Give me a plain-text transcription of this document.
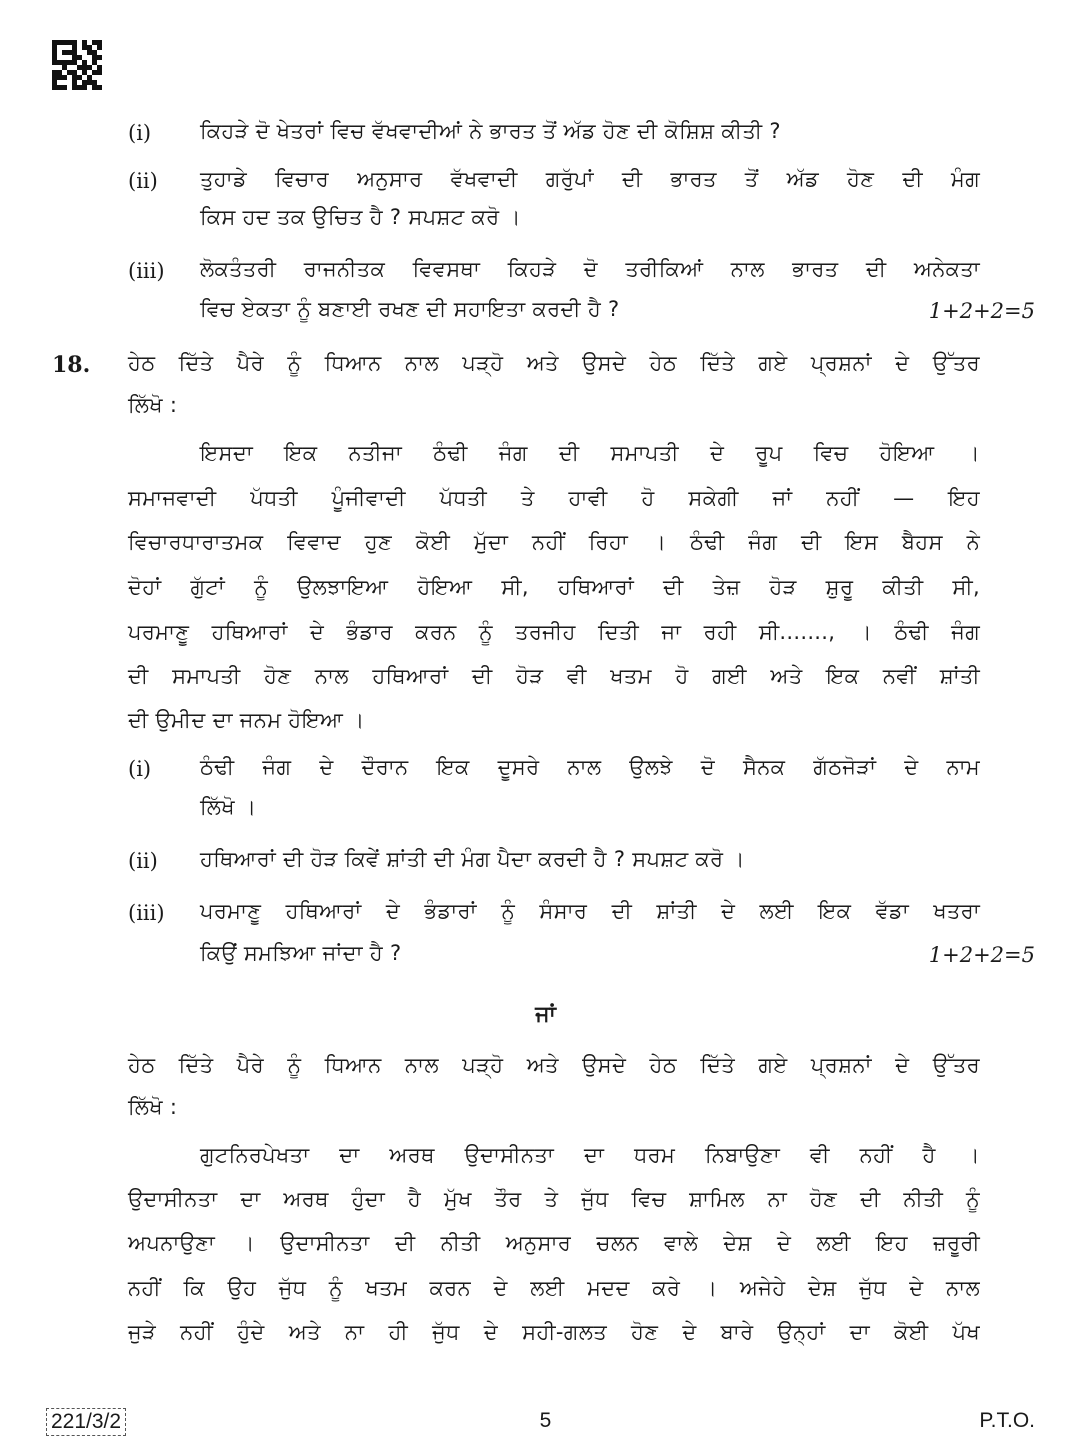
(i) ਕਿਹੜੇ ਦੋ ਖੇਤਰਾਂ ਵਿਚ ਵੱਖਵਾਦੀਆਂ ਨੇ ਭਾਰਤ ਤੋਂ ਅੱਡ ਹੋਣ ਦੀ ਕੋਸ਼ਿਸ਼ ਕੀਤੀ ?
(ii) ਤੁਹਾਡੇ ਵਿਚਾਰ ਅਨੁਸਾਰ ਵੱਖਵਾਦੀ ਗਰੁੱਪਾਂ ਦੀ ਭਾਰਤ ਤੋਂ ਅੱਡ ਹੋਣ ਦੀ ਮੰਗ
ਕਿਸ ਹਦ ਤਕ ਉਚਿਤ ਹੈ ? ਸਪਸ਼ਟ ਕਰੋ ।
(iii) ਲੋਕਤੰਤਰੀ ਰਾਜਨੀਤਕ ਵਿਵਸਥਾ ਕਿਹੜੇ ਦੋ ਤਰੀਕਿਆਂ ਨਾਲ ਭਾਰਤ ਦੀ ਅਨੇਕਤਾ
ਵਿਚ ਏਕਤਾ ਨੂੰ ਬਣਾਈ ਰਖਣ ਦੀ ਸਹਾਇਤਾ ਕਰਦੀ ਹੈ ?	1+2+2=5
18. ਹੇਠ ਦਿੱਤੇ ਪੈਰੇ ਨੂੰ ਧਿਆਨ ਨਾਲ ਪੜ੍ਹੋ ਅਤੇ ਉਸਦੇ ਹੇਠ ਦਿੱਤੇ ਗਏ ਪ੍ਰਸ਼ਨਾਂ ਦੇ ਉੱਤਰ
ਲਿੱਖੋ :
ਇਸਦਾ ਇਕ ਨਤੀਜਾ ਠੰਢੀ ਜੰਗ ਦੀ ਸਮਾਪਤੀ ਦੇ ਰੂਪ ਵਿਚ ਹੋਇਆ ।
ਸਮਾਜਵਾਦੀ ਪੱਧਤੀ ਪੂੰਜੀਵਾਦੀ ਪੱਧਤੀ ਤੇ ਹਾਵੀ ਹੋ ਸਕੇਗੀ ਜਾਂ ਨਹੀਂ — ਇਹ
ਵਿਚਾਰਧਾਰਾਤਮਕ ਵਿਵਾਦ ਹੁਣ ਕੋਈ ਮੁੱਦਾ ਨਹੀਂ ਰਿਹਾ । ਠੰਢੀ ਜੰਗ ਦੀ ਇਸ ਬੈਹਸ ਨੇ
ਦੋਹਾਂ ਗੁੱਟਾਂ ਨੂੰ ਉਲਝਾਇਆ ਹੋਇਆ ਸੀ, ਹਥਿਆਰਾਂ ਦੀ ਤੇਜ਼ ਹੋੜ ਸ਼ੁਰੂ ਕੀਤੀ ਸੀ,
ਪਰਮਾਣੂ ਹਥਿਆਰਾਂ ਦੇ ਭੰਡਾਰ ਕਰਨ ਨੂੰ ਤਰਜੀਹ ਦਿਤੀ ਜਾ ਰਹੀ ਸੀ......., । ਠੰਢੀ ਜੰਗ
ਦੀ ਸਮਾਪਤੀ ਹੋਣ ਨਾਲ ਹਥਿਆਰਾਂ ਦੀ ਹੋੜ ਵੀ ਖਤਮ ਹੋ ਗਈ ਅਤੇ ਇਕ ਨਵੀਂ ਸ਼ਾਂਤੀ
ਦੀ ਉਮੀਦ ਦਾ ਜਨਮ ਹੋਇਆ ।
(i) ਠੰਢੀ ਜੰਗ ਦੇ ਦੌਰਾਨ ਇਕ ਦੂਸਰੇ ਨਾਲ ਉਲਝੇ ਦੋ ਸੈਨਕ ਗੱਠਜੋੜਾਂ ਦੇ ਨਾਮ
ਲਿੱਖੋ ।
(ii) ਹਥਿਆਰਾਂ ਦੀ ਹੋੜ ਕਿਵੇਂ ਸ਼ਾਂਤੀ ਦੀ ਮੰਗ ਪੈਦਾ ਕਰਦੀ ਹੈ ? ਸਪਸ਼ਟ ਕਰੋ ।
(iii) ਪਰਮਾਣੂ ਹਥਿਆਰਾਂ ਦੇ ਭੰਡਾਰਾਂ ਨੂੰ ਸੰਸਾਰ ਦੀ ਸ਼ਾਂਤੀ ਦੇ ਲਈ ਇਕ ਵੱਡਾ ਖਤਰਾ
ਕਿਉਂ ਸਮਝਿਆ ਜਾਂਦਾ ਹੈ ?	1+2+2=5
ਜਾਂ
ਹੇਠ ਦਿੱਤੇ ਪੈਰੇ ਨੂੰ ਧਿਆਨ ਨਾਲ ਪੜ੍ਹੋ ਅਤੇ ਉਸਦੇ ਹੇਠ ਦਿੱਤੇ ਗਏ ਪ੍ਰਸ਼ਨਾਂ ਦੇ ਉੱਤਰ
ਲਿੱਖੋ :
ਗੁਟਨਿਰਪੇਖਤਾ ਦਾ ਅਰਥ ਉਦਾਸੀਨਤਾ ਦਾ ਧਰਮ ਨਿਬਾਉਣਾ ਵੀ ਨਹੀਂ ਹੈ ।
ਉਦਾਸੀਨਤਾ ਦਾ ਅਰਥ ਹੁੰਦਾ ਹੈ ਮੁੱਖ ਤੌਰ ਤੇ ਜੁੱਧ ਵਿਚ ਸ਼ਾਮਿਲ ਨਾ ਹੋਣ ਦੀ ਨੀਤੀ ਨੂੰ
ਅਪਨਾਉਣਾ । ਉਦਾਸੀਨਤਾ ਦੀ ਨੀਤੀ ਅਨੁਸਾਰ ਚਲਨ ਵਾਲੇ ਦੇਸ਼ ਦੇ ਲਈ ਇਹ ਜ਼ਰੂਰੀ
ਨਹੀਂ ਕਿ ਉਹ ਜੁੱਧ ਨੂੰ ਖਤਮ ਕਰਨ ਦੇ ਲਈ ਮਦਦ ਕਰੇ । ਅਜੇਹੇ ਦੇਸ਼ ਜੁੱਧ ਦੇ ਨਾਲ
ਜੁੜੇ ਨਹੀਂ ਹੁੰਦੇ ਅਤੇ ਨਾ ਹੀ ਜੁੱਧ ਦੇ ਸਹੀ-ਗਲਤ ਹੋਣ ਦੇ ਬਾਰੇ ਉਨ੍ਹਾਂ ਦਾ ਕੋਈ ਪੱਖ
221/3/2	5	P.T.O.
